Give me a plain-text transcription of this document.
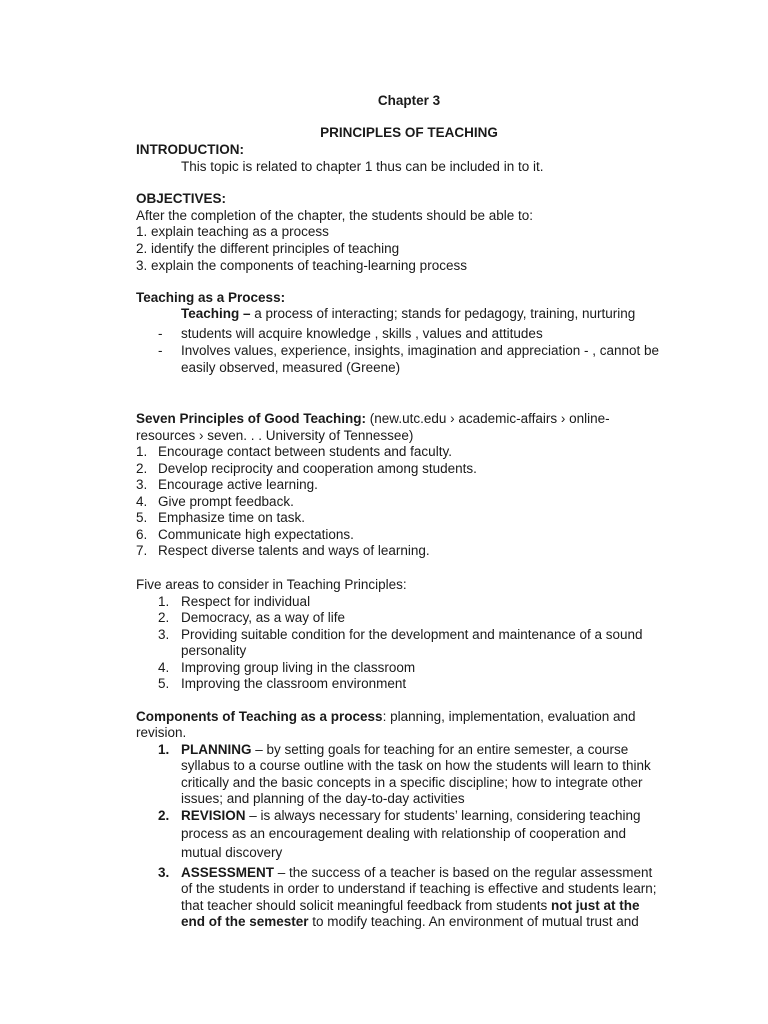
Chapter 3
PRINCIPLES OF TEACHING
INTRODUCTION:
This topic is related to chapter 1 thus can be included in to it.
OBJECTIVES:
After the completion of the chapter, the students should be able to:
1. explain teaching as a process
2. identify the different principles of teaching
3. explain the components of teaching-learning process
Teaching as a Process:
Teaching – a process of interacting; stands for pedagogy, training, nurturing
- students will acquire knowledge , skills , values and attitudes
- Involves values, experience, insights, imagination and appreciation - , cannot be
easily observed, measured (Greene)
Seven Principles of Good Teaching: (new.utc.edu › academic-affairs › online-
resources › seven. . . University of Tennessee)
1. Encourage contact between students and faculty.
2. Develop reciprocity and cooperation among students.
3. Encourage active learning.
4. Give prompt feedback.
5. Emphasize time on task.
6. Communicate high expectations.
7. Respect diverse talents and ways of learning.
Five areas to consider in Teaching Principles:
1. Respect for individual
2. Democracy, as a way of life
3. Providing suitable condition for the development and maintenance of a sound
personality
4. Improving group living in the classroom
5. Improving the classroom environment
Components of Teaching as a process: planning, implementation, evaluation and
revision.
1. PLANNING – by setting goals for teaching for an entire semester, a course
syllabus to a course outline with the task on how the students will learn to think
critically and the basic concepts in a specific discipline; how to integrate other
issues; and planning of the day-to-day activities
2. REVISION – is always necessary for students’ learning, considering teaching
process as an encouragement dealing with relationship of cooperation and
mutual discovery
3. ASSESSMENT – the success of a teacher is based on the regular assessment
of the students in order to understand if teaching is effective and students learn;
that teacher should solicit meaningful feedback from students not just at the
end of the semester to modify teaching. An environment of mutual trust and
